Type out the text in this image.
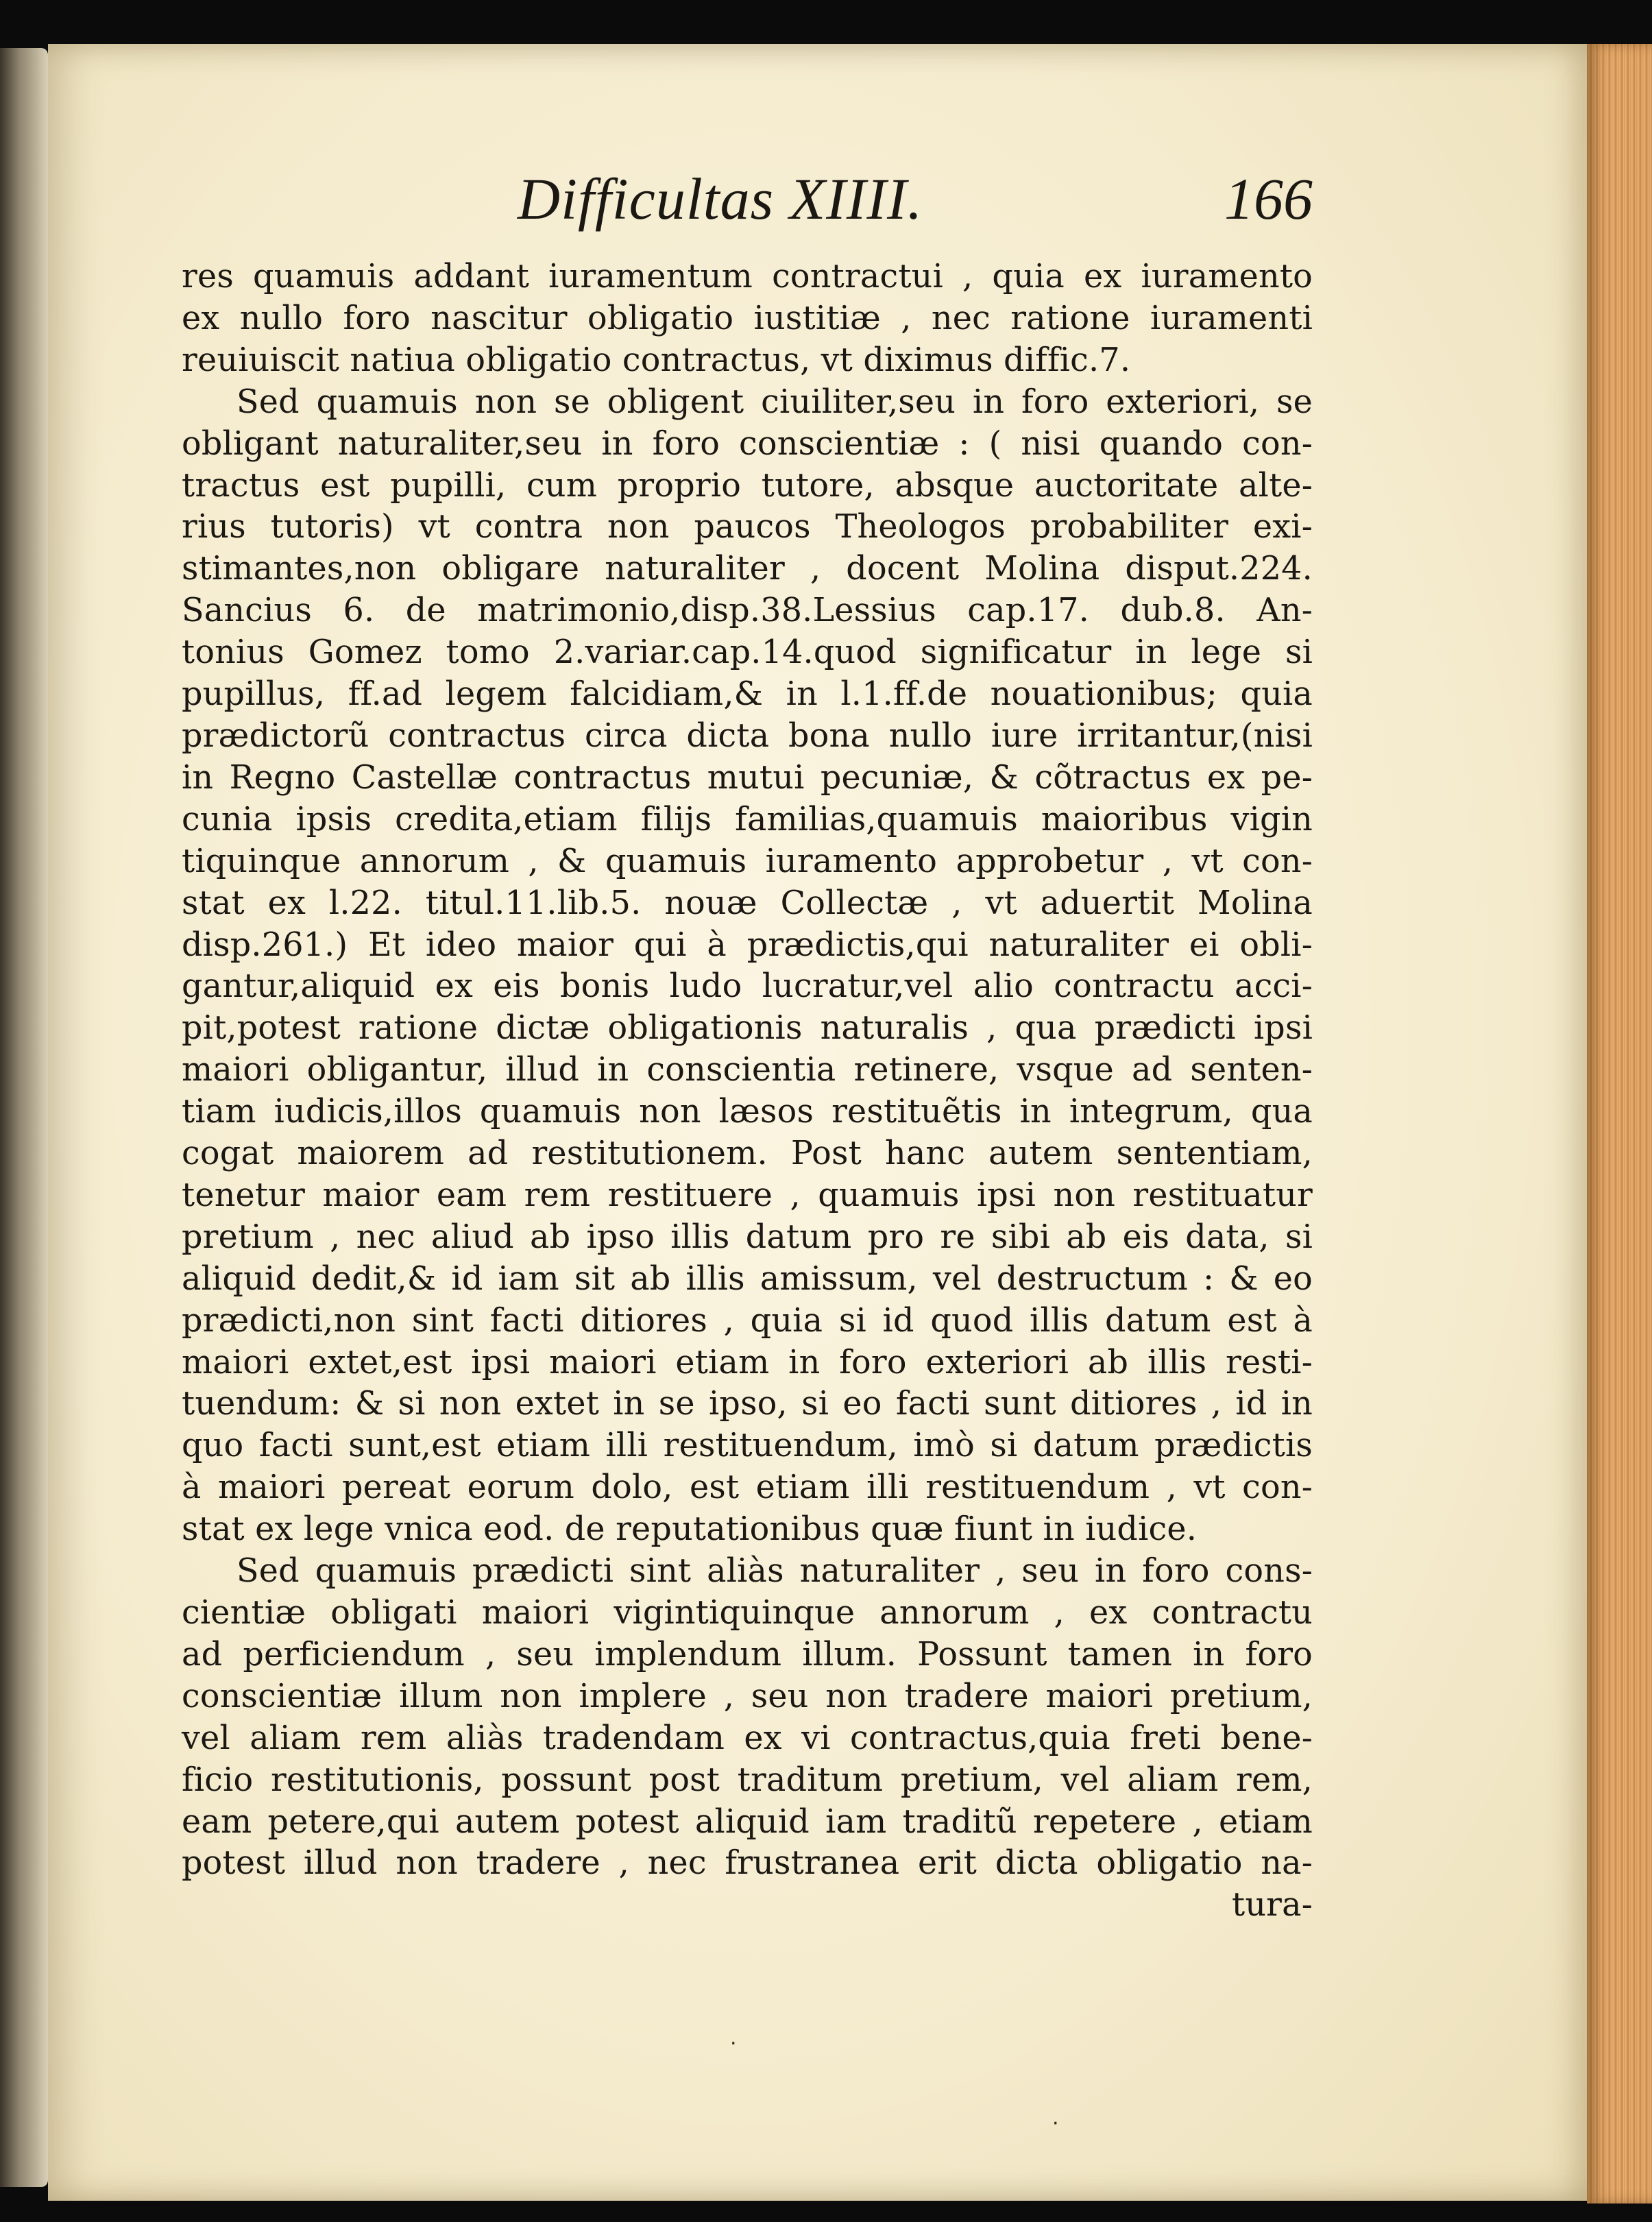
Difficultas XIIII.	166
res quamuis addant iuramentum contractui , quia ex iuramento
ex nullo foro nascitur obligatio iustitiæ , nec ratione iuramenti
reuiuiscit natiua obligatio contractus, vt diximus diffic.7.
Sed quamuis non se obligent ciuiliter,seu in foro exteriori, se
obligant naturaliter,seu in foro conscientiæ : ( nisi quando con-
tractus est pupilli, cum proprio tutore, absque auctoritate alte-
rius tutoris) vt contra non paucos Theologos probabiliter exi-
stimantes,non obligare naturaliter , docent Molina disput.224.
Sancius 6. de matrimonio,disp.38.Lessius cap.17. dub.8. An-
tonius Gomez tomo 2.variar.cap.14.quod significatur in lege si
pupillus, ff.ad legem falcidiam,& in l.1.ff.de nouationibus; quia
prædictorũ contractus circa dicta bona nullo iure irritantur,(nisi
in Regno Castellæ contractus mutui pecuniæ, & cõtractus ex pe-
cunia ipsis credita,etiam filijs familias,quamuis maioribus vigin
tiquinque annorum , & quamuis iuramento approbetur , vt con-
stat ex l.22. titul.11.lib.5. nouæ Collectæ , vt aduertit Molina
disp.261.) Et ideo maior qui à prædictis,qui naturaliter ei obli-
gantur,aliquid ex eis bonis ludo lucratur,vel alio contractu acci-
pit,potest ratione dictæ obligationis naturalis , qua prædicti ipsi
maiori obligantur, illud in conscientia retinere, vsque ad senten-
tiam iudicis,illos quamuis non læsos restituẽtis in integrum, qua
cogat maiorem ad restitutionem. Post hanc autem sententiam,
tenetur maior eam rem restituere , quamuis ipsi non restituatur
pretium , nec aliud ab ipso illis datum pro re sibi ab eis data, si
aliquid dedit,& id iam sit ab illis amissum, vel destructum : & eo
prædicti,non sint facti ditiores , quia si id quod illis datum est à
maiori extet,est ipsi maiori etiam in foro exteriori ab illis resti-
tuendum: & si non extet in se ipso, si eo facti sunt ditiores , id in
quo facti sunt,est etiam illi restituendum, imò si datum prædictis
à maiori pereat eorum dolo, est etiam illi restituendum , vt con-
stat ex lege vnica eod. de reputationibus quæ fiunt in iudice.
Sed quamuis prædicti sint aliàs naturaliter , seu in foro cons-
cientiæ obligati maiori vigintiquinque annorum , ex contractu
ad perficiendum , seu implendum illum. Possunt tamen in foro
conscientiæ illum non implere , seu non tradere maiori pretium,
vel aliam rem aliàs tradendam ex vi contractus,quia freti bene-
ficio restitutionis, possunt post traditum pretium, vel aliam rem,
eam petere,qui autem potest aliquid iam traditũ repetere , etiam
potest illud non tradere , nec frustranea erit dicta obligatio na-
tura-
.
·
